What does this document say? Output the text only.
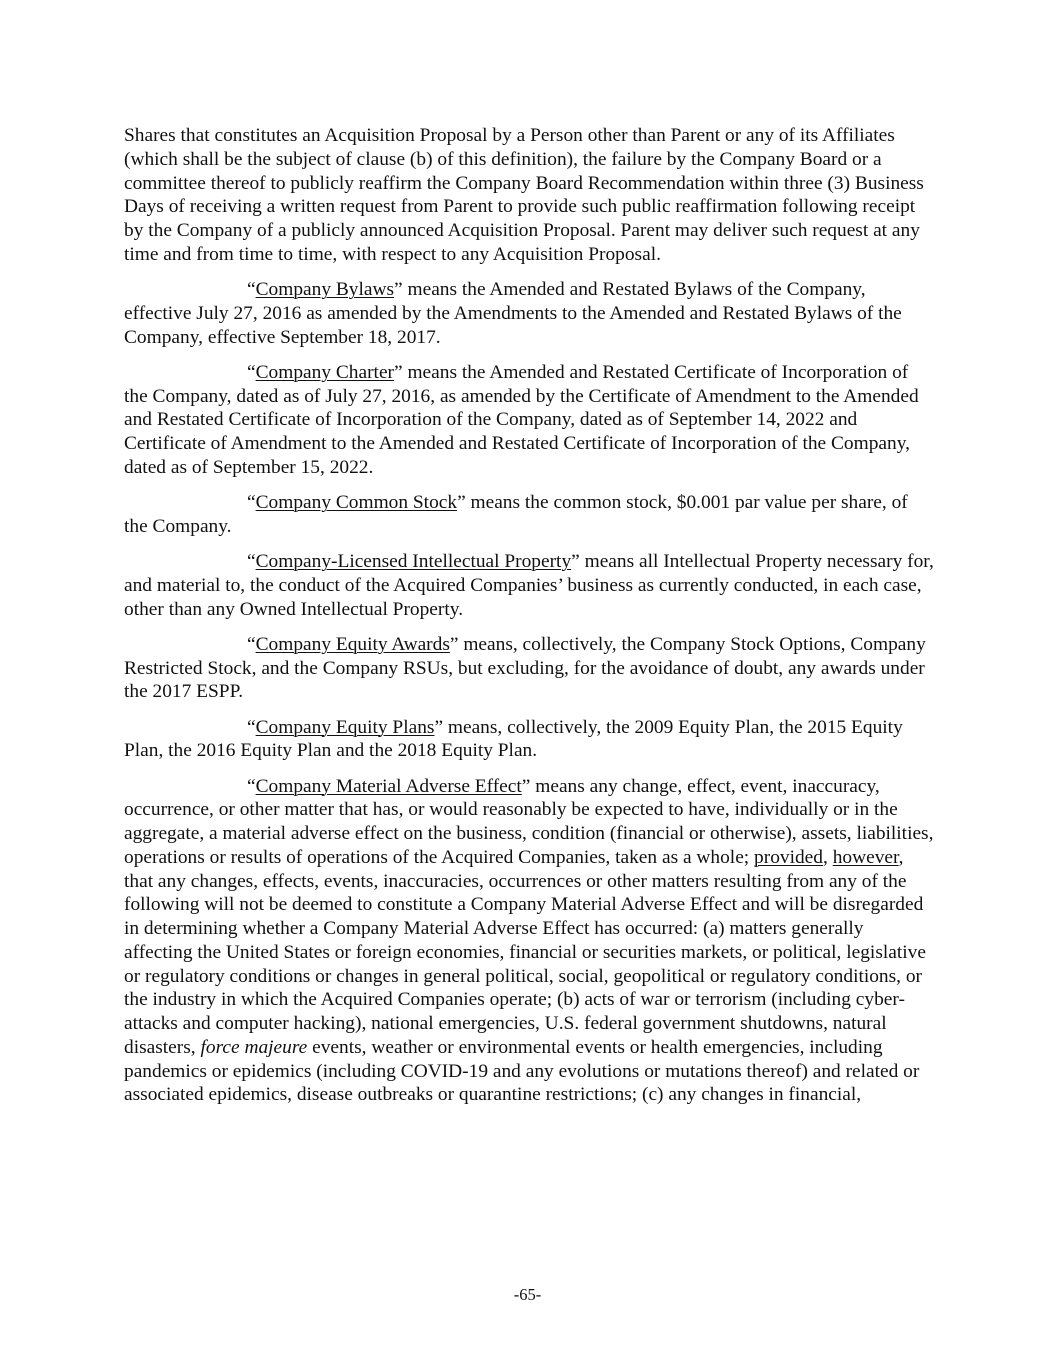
Shares that constitutes an Acquisition Proposal by a Person other than Parent or any of its Affiliates (which shall be the subject of clause (b) of this definition), the failure by the Company Board or a committee thereof to publicly reaffirm the Company Board Recommendation within three (3) Business Days of receiving a written request from Parent to provide such public reaffirmation following receipt by the Company of a publicly announced Acquisition Proposal. Parent may deliver such request at any time and from time to time, with respect to any Acquisition Proposal.

“Company Bylaws” means the Amended and Restated Bylaws of the Company, effective July 27, 2016 as amended by the Amendments to the Amended and Restated Bylaws of the Company, effective September 18, 2017.

“Company Charter” means the Amended and Restated Certificate of Incorporation of the Company, dated as of July 27, 2016, as amended by the Certificate of Amendment to the Amended and Restated Certificate of Incorporation of the Company, dated as of September 14, 2022 and Certificate of Amendment to the Amended and Restated Certificate of Incorporation of the Company, dated as of September 15, 2022.

“Company Common Stock” means the common stock, $0.001 par value per share, of the Company.

“Company-Licensed Intellectual Property” means all Intellectual Property necessary for, and material to, the conduct of the Acquired Companies’ business as currently conducted, in each case, other than any Owned Intellectual Property.

“Company Equity Awards” means, collectively, the Company Stock Options, Company Restricted Stock, and the Company RSUs, but excluding, for the avoidance of doubt, any awards under the 2017 ESPP.

“Company Equity Plans” means, collectively, the 2009 Equity Plan, the 2015 Equity Plan, the 2016 Equity Plan and the 2018 Equity Plan.

“Company Material Adverse Effect” means any change, effect, event, inaccuracy, occurrence, or other matter that has, or would reasonably be expected to have, individually or in the aggregate, a material adverse effect on the business, condition (financial or otherwise), assets, liabilities, operations or results of operations of the Acquired Companies, taken as a whole; provided, however, that any changes, effects, events, inaccuracies, occurrences or other matters resulting from any of the following will not be deemed to constitute a Company Material Adverse Effect and will be disregarded in determining whether a Company Material Adverse Effect has occurred: (a) matters generally affecting the United States or foreign economies, financial or securities markets, or political, legislative or regulatory conditions or changes in general political, social, geopolitical or regulatory conditions, or the industry in which the Acquired Companies operate; (b) acts of war or terrorism (including cyber-attacks and computer hacking), national emergencies, U.S. federal government shutdowns, natural disasters, force majeure events, weather or environmental events or health emergencies, including pandemics or epidemics (including COVID-19 and any evolutions or mutations thereof) and related or associated epidemics, disease outbreaks or quarantine restrictions; (c) any changes in financial,

-65-
